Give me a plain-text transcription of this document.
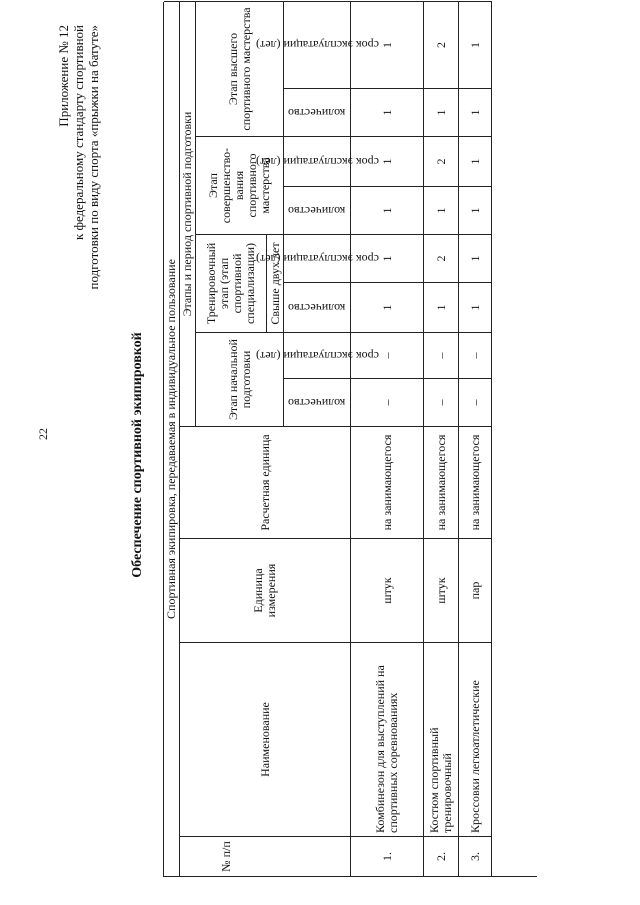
22
Приложение № 12 к федеральному стандарту спортивной подготовки по виду спорта «прыжки на батуте»
Обеспечение спортивной экипировкой Спортивная экипировка, передаваемая в индивидуальное пользование
№ п/п
Наименование
Единица измерения
Расчетная единица
Этапы и период спортивной подготовки
Этап начальной подготовки
Тренировочный этап (этап спортивной специализации) Свыше двух лет
Этап совершенство-вания спортивного мастерства
Этап высшего спортивного мастерства
количество
срок эксплуатации (лет)
количество
срок эксплуатации (лет)
количество
срок эксплуатации (лет)
количество
срок эксплуатации (лет)
1.
Комбинезон для выступлений на спортивных соревнованиях
штук
на занимающегося
–
–
1
1
1
1
1
1
2.
Костюм спортивный тренировочный
штук
на занимающегося
–
–
1
2
1
2
1
2
3.
Кроссовки легкоатлетические
пар
на занимающегося
–
–
1
1
1
1
1
1
